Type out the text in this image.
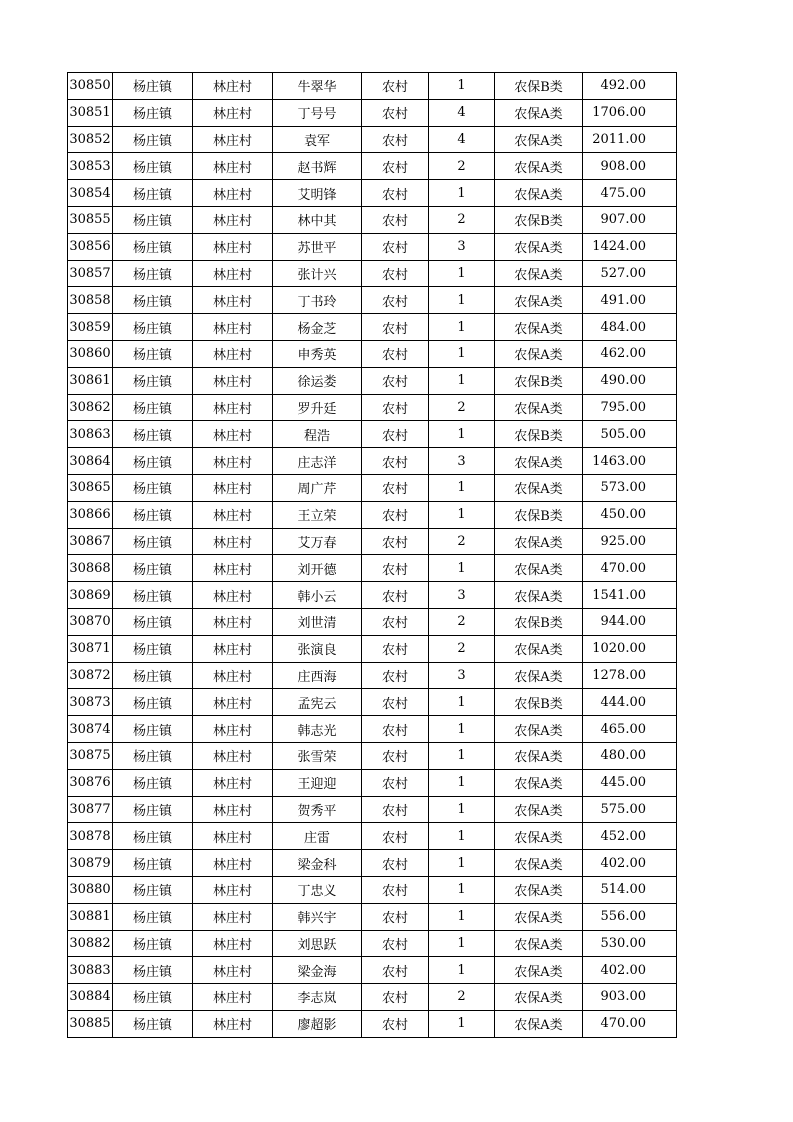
30850	杨庄镇	林庄村	牛翠华	农村	1	农保B类	492.00
30851	杨庄镇	林庄村	丁号号	农村	4	农保A类	1706.00
30852	杨庄镇	林庄村	袁军	农村	4	农保A类	2011.00
30853	杨庄镇	林庄村	赵书辉	农村	2	农保A类	908.00
30854	杨庄镇	林庄村	艾明锋	农村	1	农保A类	475.00
30855	杨庄镇	林庄村	林中其	农村	2	农保B类	907.00
30856	杨庄镇	林庄村	苏世平	农村	3	农保A类	1424.00
30857	杨庄镇	林庄村	张计兴	农村	1	农保A类	527.00
30858	杨庄镇	林庄村	丁书玲	农村	1	农保A类	491.00
30859	杨庄镇	林庄村	杨金芝	农村	1	农保A类	484.00
30860	杨庄镇	林庄村	申秀英	农村	1	农保A类	462.00
30861	杨庄镇	林庄村	徐运娄	农村	1	农保B类	490.00
30862	杨庄镇	林庄村	罗升廷	农村	2	农保A类	795.00
30863	杨庄镇	林庄村	程浩	农村	1	农保B类	505.00
30864	杨庄镇	林庄村	庄志洋	农村	3	农保A类	1463.00
30865	杨庄镇	林庄村	周广芹	农村	1	农保A类	573.00
30866	杨庄镇	林庄村	王立荣	农村	1	农保B类	450.00
30867	杨庄镇	林庄村	艾万春	农村	2	农保A类	925.00
30868	杨庄镇	林庄村	刘开德	农村	1	农保A类	470.00
30869	杨庄镇	林庄村	韩小云	农村	3	农保A类	1541.00
30870	杨庄镇	林庄村	刘世清	农村	2	农保B类	944.00
30871	杨庄镇	林庄村	张演良	农村	2	农保A类	1020.00
30872	杨庄镇	林庄村	庄西海	农村	3	农保A类	1278.00
30873	杨庄镇	林庄村	孟宪云	农村	1	农保B类	444.00
30874	杨庄镇	林庄村	韩志光	农村	1	农保A类	465.00
30875	杨庄镇	林庄村	张雪荣	农村	1	农保A类	480.00
30876	杨庄镇	林庄村	王迎迎	农村	1	农保A类	445.00
30877	杨庄镇	林庄村	贺秀平	农村	1	农保A类	575.00
30878	杨庄镇	林庄村	庄雷	农村	1	农保A类	452.00
30879	杨庄镇	林庄村	梁金科	农村	1	农保A类	402.00
30880	杨庄镇	林庄村	丁忠义	农村	1	农保A类	514.00
30881	杨庄镇	林庄村	韩兴宇	农村	1	农保A类	556.00
30882	杨庄镇	林庄村	刘思跃	农村	1	农保A类	530.00
30883	杨庄镇	林庄村	梁金海	农村	1	农保A类	402.00
30884	杨庄镇	林庄村	李志岚	农村	2	农保A类	903.00
30885	杨庄镇	林庄村	廖超影	农村	1	农保A类	470.00
